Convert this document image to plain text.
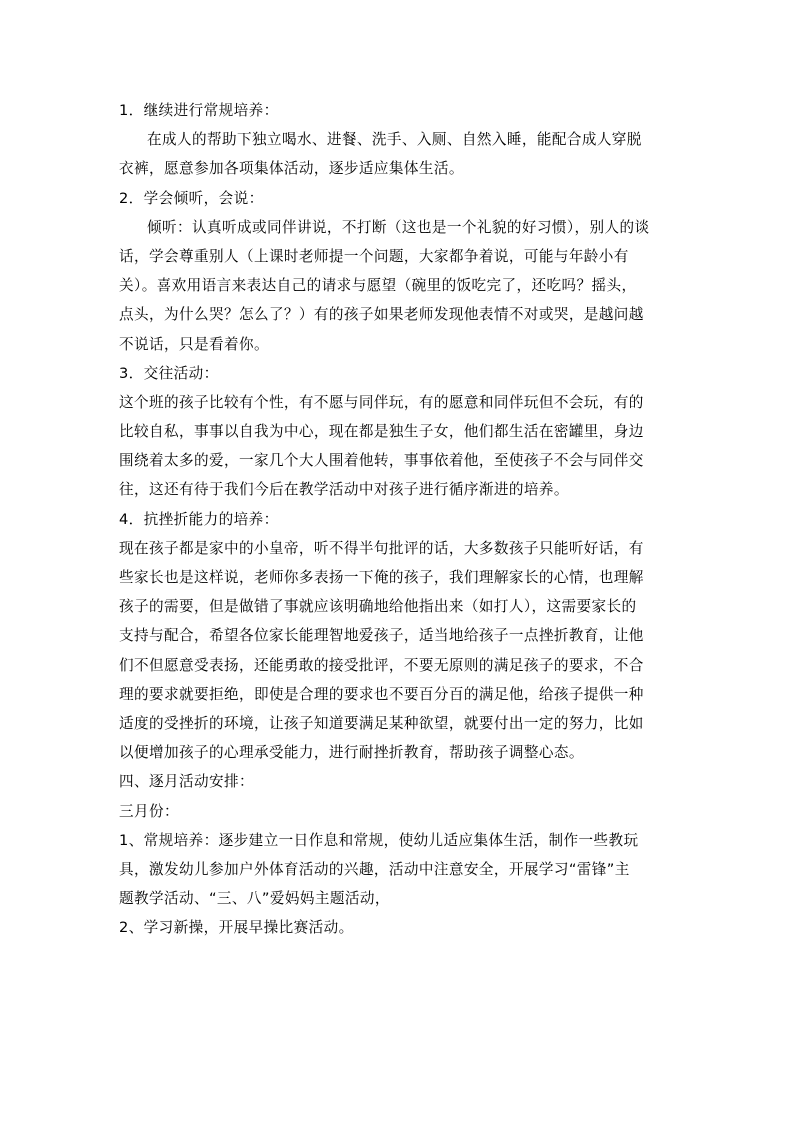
1．继续进行常规培养：
在成人的帮助下独立喝水、进餐、洗手、入厕、自然入睡，能配合成人穿脱
衣裤，愿意参加各项集体活动，逐步适应集体生活。
2．学会倾听，会说：
倾听：认真听成或同伴讲说，不打断（这也是一个礼貌的好习惯），别人的谈
话，学会尊重别人（上课时老师提一个问题，大家都争着说，可能与年龄小有
关）。喜欢用语言来表达自己的请求与愿望（碗里的饭吃完了，还吃吗？摇头，
点头，为什么哭？怎么了？）有的孩子如果老师发现他表情不对或哭，是越问越
不说话，只是看着你。
3．交往活动：
这个班的孩子比较有个性，有不愿与同伴玩，有的愿意和同伴玩但不会玩，有的
比较自私，事事以自我为中心，现在都是独生子女，他们都生活在密罐里，身边
围绕着太多的爱，一家几个大人围着他转，事事依着他，至使孩子不会与同伴交
往，这还有待于我们今后在教学活动中对孩子进行循序渐进的培养。
4．抗挫折能力的培养：
现在孩子都是家中的小皇帝，听不得半句批评的话，大多数孩子只能听好话，有
些家长也是这样说，老师你多表扬一下俺的孩子，我们理解家长的心情，也理解
孩子的需要，但是做错了事就应该明确地给他指出来（如打人），这需要家长的
支持与配合，希望各位家长能理智地爱孩子，适当地给孩子一点挫折教育，让他
们不但愿意受表扬，还能勇敢的接受批评，不要无原则的满足孩子的要求，不合
理的要求就要拒绝，即使是合理的要求也不要百分百的满足他，给孩子提供一种
适度的受挫折的环境，让孩子知道要满足某种欲望，就要付出一定的努力，比如
以便增加孩子的心理承受能力，进行耐挫折教育，帮助孩子调整心态。
四、逐月活动安排：
三月份：
1、常规培养：逐步建立一日作息和常规，使幼儿适应集体生活，制作一些教玩
具，激发幼儿参加户外体育活动的兴趣，活动中注意安全，开展学习“雷锋”主
题教学活动、“三、八”爱妈妈主题活动，
2、学习新操，开展早操比赛活动。
